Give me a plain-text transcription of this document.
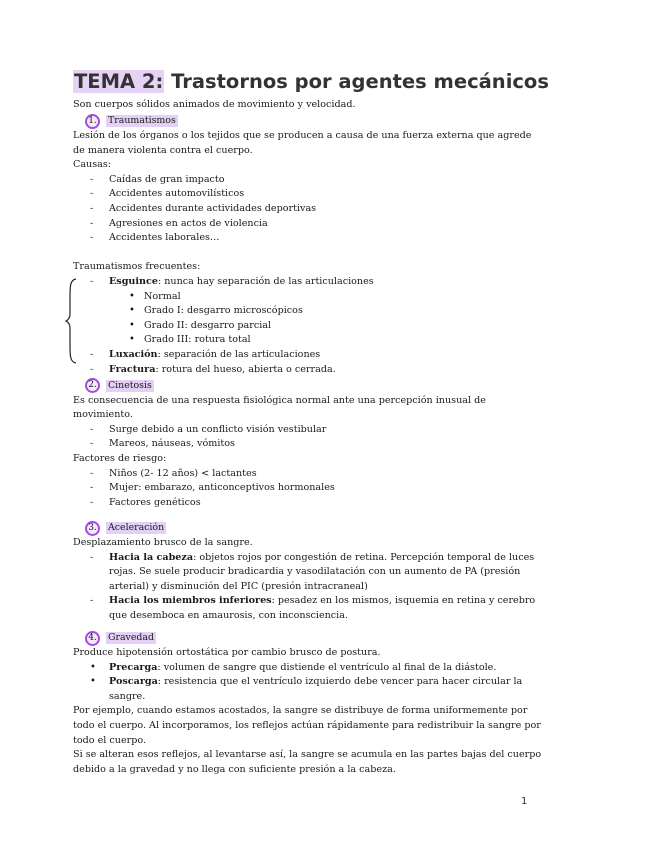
TEMA 2: Trastornos por agentes mecánicos

Son cuerpos sólidos animados de movimiento y velocidad.

1.	Traumatismos

Lesión de los órganos o los tejidos que se producen a causa de una fuerza externa que agrede de manera violenta contra el cuerpo.

Causas:

- Caídas de gran impacto
- Accidentes automovilísticos
- Accidentes durante actividades deportivas
- Agresiones en actos de violencia
- Accidentes laborales…

Traumatismos frecuentes:

- Esguince: nunca hay separación de las articulaciones
• Normal
• Grado I: desgarro microscópicos
• Grado II: desgarro parcial
• Grado III: rotura total
- Luxación: separación de las articulaciones
- Fractura: rotura del hueso, abierta o cerrada.
2.	Cinetosis

Es consecuencia de una respuesta fisiológica normal ante una percepción inusual de movimiento.

- Surge debido a un conflicto visión vestibular
- Mareos, náuseas, vómitos

Factores de riesgo:

- Niños (2- 12 años) < lactantes
- Mujer: embarazo, anticonceptivos hormonales
- Factores genéticos
3.	Aceleración

Desplazamiento brusco de la sangre.

- Hacia la cabeza: objetos rojos por congestión de retina. Percepción temporal de luces rojas. Se suele producir bradicardia y vasodilatación con un aumento de PA (presión arterial) y disminución del PIC (presión intracraneal)
- Hacia los miembros inferiores: pesadez en los mismos, isquemia en retina y cerebro que desemboca en amaurosis, con inconsciencia.
4.	Gravedad

Produce hipotensión ortostática por cambio brusco de postura.

• Precarga: volumen de sangre que distiende el ventrículo al final de la diástole.
• Poscarga: resistencia que el ventrículo izquierdo debe vencer para hacer circular la sangre.

Por ejemplo, cuando estamos acostados, la sangre se distribuye de forma uniformemente por todo el cuerpo. Al incorporamos, los reflejos actúan rápidamente para redistribuir la sangre por todo el cuerpo.

Si se alteran esos reflejos, al levantarse así, la sangre se acumula en las partes bajas del cuerpo debido a la gravedad y no llega con suficiente presión a la cabeza.

1
